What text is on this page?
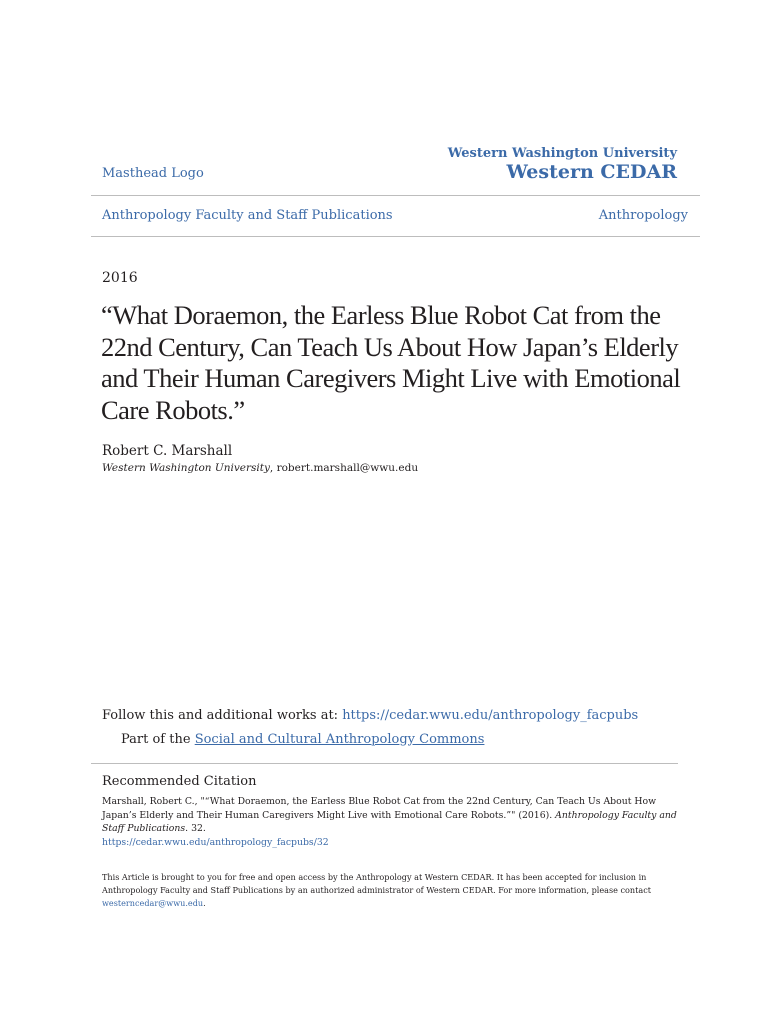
Masthead Logo
Western Washington University
Western CEDAR
Anthropology Faculty and Staff Publications	Anthropology
2016
“What Doraemon, the Earless Blue Robot Cat from the 22nd Century, Can Teach Us About How Japan’s Elderly and Their Human Caregivers Might Live with Emotional Care Robots.”
Robert C. Marshall
Western Washington University, robert.marshall@wwu.edu
Follow this and additional works at: https://cedar.wwu.edu/anthropology_facpubs
Part of the Social and Cultural Anthropology Commons
Recommended Citation
Marshall, Robert C., "“What Doraemon, the Earless Blue Robot Cat from the 22nd Century, Can Teach Us About How Japan’s Elderly and Their Human Caregivers Might Live with Emotional Care Robots.”" (2016). Anthropology Faculty and Staff Publications. 32.
https://cedar.wwu.edu/anthropology_facpubs/32
This Article is brought to you for free and open access by the Anthropology at Western CEDAR. It has been accepted for inclusion in Anthropology Faculty and Staff Publications by an authorized administrator of Western CEDAR. For more information, please contact westerncedar@wwu.edu.
